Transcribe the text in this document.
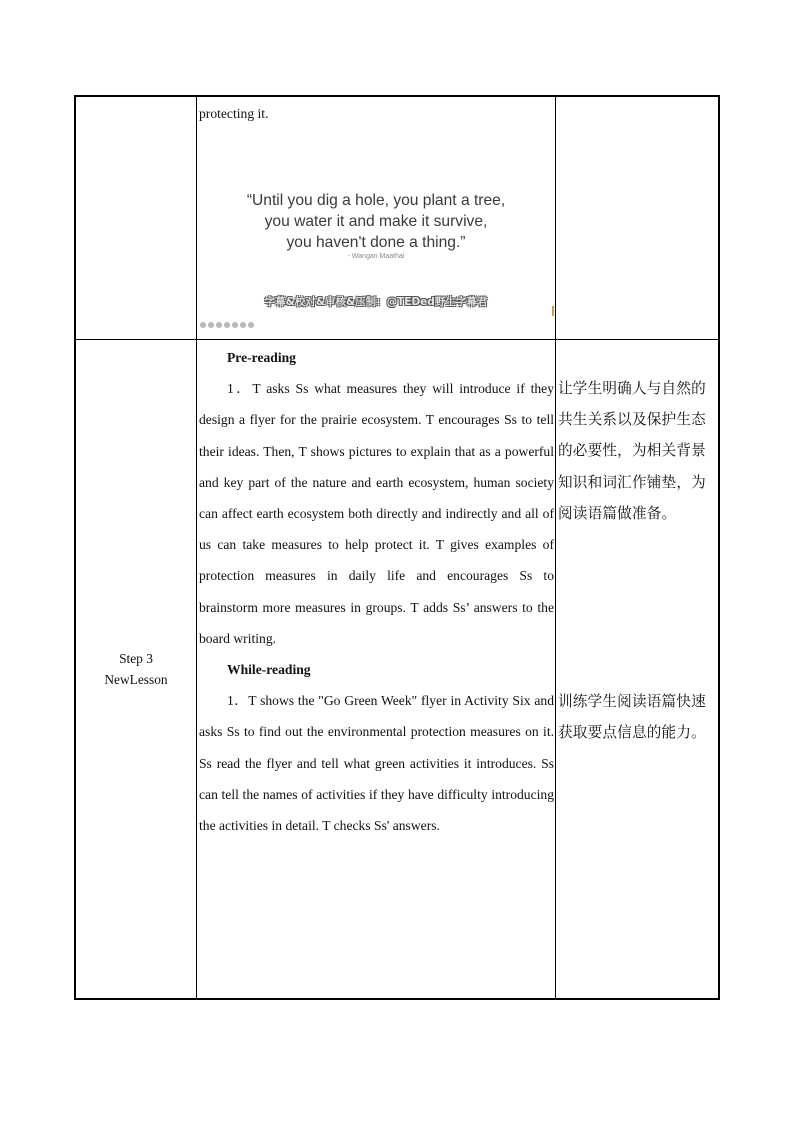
protecting it.

“Until you dig a hole, you plant a tree,

you water it and make it survive,

you haven't done a thing.”

- Wangari Maathai
字幕&校对&审核&压制：@TEDed野生字幕君
Step 3
NewLesson

Pre-reading

1．T asks Ss what measures they will introduce if they design a flyer for the prairie ecosystem. T encourages Ss to tell their ideas. Then, T shows pictures to explain that as a powerful and key part of the nature and earth ecosystem, human society can affect earth ecosystem both directly and indirectly and all of us can take measures to help protect it. T gives examples of protection measures in daily life and encourages Ss to brainstorm more measures in groups. T adds Ss’ answers to the board writing.

While-reading

1．T shows the "Go Green Week" flyer in Activity Six and asks Ss to find out the environmental protection measures on it. Ss read the flyer and tell what green activities it introduces. Ss can tell the names of activities if they have difficulty introducing the activities in detail. T checks Ss' answers.

让学生明确人与自然的共生关系以及保护生态的必要性，为相关背景知识和词汇作铺垫，为阅读语篇做准备。
训练学生阅读语篇快速获取要点信息的能力。
